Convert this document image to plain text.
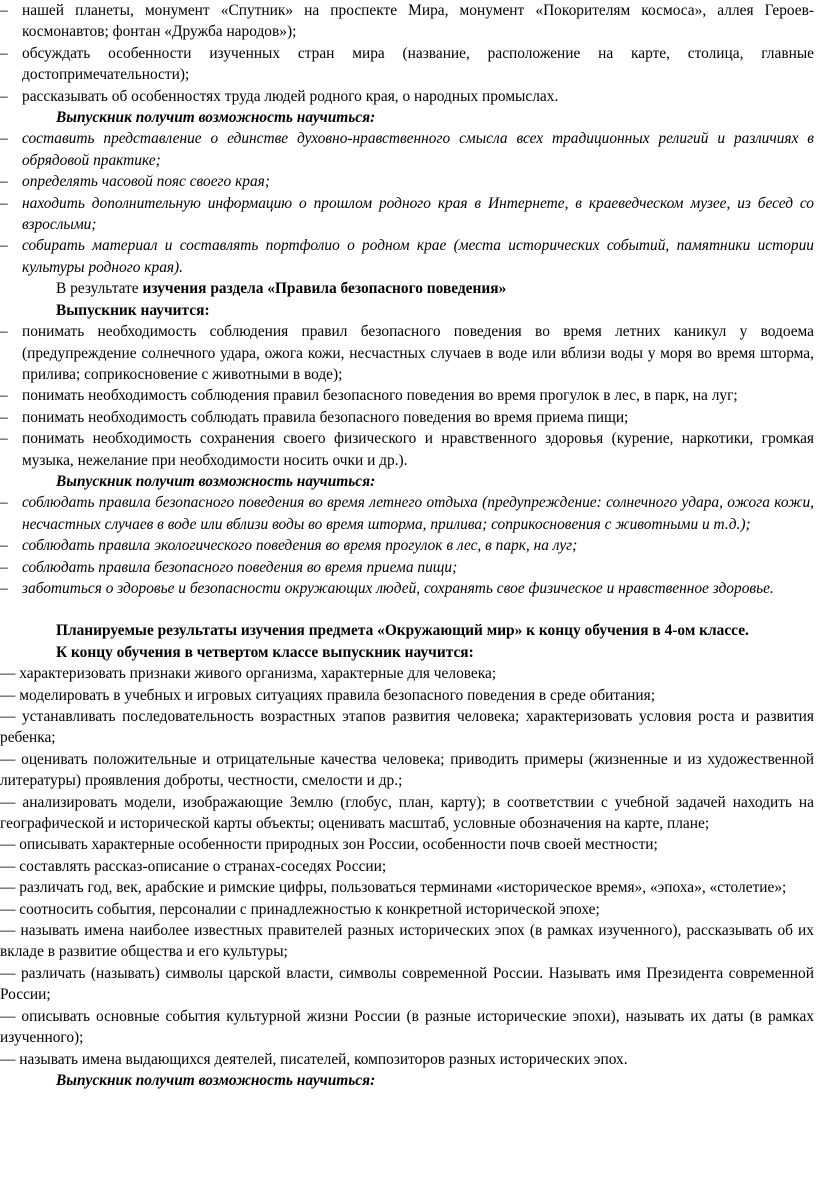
– нашей планеты, монумент «Спутник» на проспекте Мира, монумент «Покорителям космоса», аллея Героев-космонавтов; фонтан «Дружба народов»);
– обсуждать особенности изученных стран мира (название, расположение на карте, столица, главные достопримечательности);
– рассказывать об особенностях труда людей родного края, о народных промыслах.
Выпускник получит возможность научиться:
– составить представление о единстве духовно-нравственного смысла всех традиционных религий и различиях в обрядовой практике;
– определять часовой пояс своего края;
– находить дополнительную информацию о прошлом родного края в Интернете, в краеведческом музее, из бесед со взрослыми;
– собирать материал и составлять портфолио о родном крае (места исторических событий, памятники истории культуры родного края).
В результате изучения раздела «Правила безопасного поведения»
Выпускник научится:
– понимать необходимость соблюдения правил безопасного поведения во время летних каникул у водоема (предупреждение солнечного удара, ожога кожи, несчастных случаев в воде или вблизи воды у моря во время шторма, прилива; соприкосновение с животными в воде);
– понимать необходимость соблюдения правил безопасного поведения во время прогулок в лес, в парк, на луг;
– понимать необходимость соблюдать правила безопасного поведения во время приема пищи;
– понимать необходимость сохранения своего физического и нравственного здоровья (курение, наркотики, громкая музыка, нежелание при необходимости носить очки и др.).
Выпускник получит возможность научиться:
– соблюдать правила безопасного поведения во время летнего отдыха (предупреждение: солнечного удара, ожога кожи, несчастных случаев в воде или вблизи воды во время шторма, прилива; соприкосновения с животными и т.д.);
– соблюдать правила экологического поведения во время прогулок в лес, в парк, на луг;
– соблюдать правила безопасного поведения во время приема пищи;
– заботиться о здоровье и безопасности окружающих людей, сохранять свое физическое и нравственное здоровье.
Планируемые результаты изучения предмета «Окружающий мир» к концу обучения в 4-ом классе.
К концу обучения в четвертом классе выпускник научится:
— характеризовать признаки живого организма, характерные для человека;
— моделировать в учебных и игровых ситуациях правила безопасного поведения в среде обитания;
— устанавливать последовательность возрастных этапов развития человека; характеризовать условия роста и развития ребенка;
— оценивать положительные и отрицательные качества человека; приводить примеры (жизненные и из художественной литературы) проявления доброты, честности, смелости и др.;
— анализировать модели, изображающие Землю (глобус, план, карту); в соответствии с учебной задачей находить на географической и исторической карты объекты; оценивать масштаб, условные обозначения на карте, плане;
— описывать характерные особенности природных зон России, особенности почв своей местности;
— составлять рассказ-описание о странах-соседях России;
— различать год, век, арабские и римские цифры, пользоваться терминами «историческое время», «эпоха», «столетие»;
— соотносить события, персоналии с принадлежностью к конкретной исторической эпохе;
— называть имена наиболее известных правителей разных исторических эпох (в рамках изученного), рассказывать об их вкладе в развитие общества и его культуры;
— различать (называть) символы царской власти, символы современной России. Называть имя Президента современной России;
— описывать основные события культурной жизни России (в разные исторические эпохи), называть их даты (в рамках изученного);
— называть имена выдающихся деятелей, писателей, композиторов разных исторических эпох.
Выпускник получит возможность научиться:
